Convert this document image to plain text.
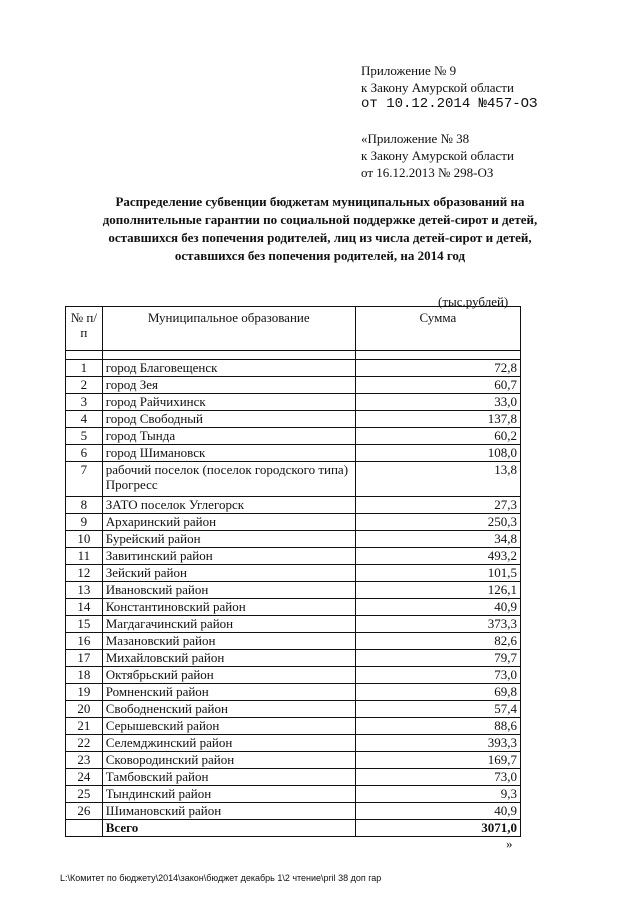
Приложение № 9
к Закону Амурской области
от 10.12.2014 №457-ОЗ
«Приложение № 38
к Закону Амурской области
от 16.12.2013 № 298-ОЗ
Распределение субвенции бюджетам муниципальных образований на дополнительные гарантии по социальной поддержке детей-сирот и детей, оставшихся без попечения родителей, лиц из числа детей-сирот и детей, оставшихся без попечения родителей, на 2014 год
(тыс.рублей)
№ п/п	Муниципальное образование	Сумма

1	город Благовещенск	72,8
2	город Зея	60,7
3	город Райчихинск	33,0
4	город Свободный	137,8
5	город Тында	60,2
6	город Шимановск	108,0
7	рабочий поселок (поселок городского типа) Прогресс	13,8
8	ЗАТО поселок Углегорск	27,3
9	Архаринский район	250,3
10	Бурейский район	34,8
11	Завитинский район	493,2
12	Зейский район	101,5
13	Ивановский район	126,1
14	Константиновский район	40,9
15	Магдагачинский район	373,3
16	Мазановский район	82,6
17	Михайловский район	79,7
18	Октябрьский район	73,0
19	Ромненский район	69,8
20	Свободненский район	57,4
21	Серышевский район	88,6
22	Селемджинский район	393,3
23	Сковородинский район	169,7
24	Тамбовский район	73,0
25	Тындинский район	9,3
26	Шимановский район	40,9
	Всего	3071,0
»
L:\Комитет по бюджету\2014\закон\бюджет декабрь 1\2 чтение\pril 38 доп гар
